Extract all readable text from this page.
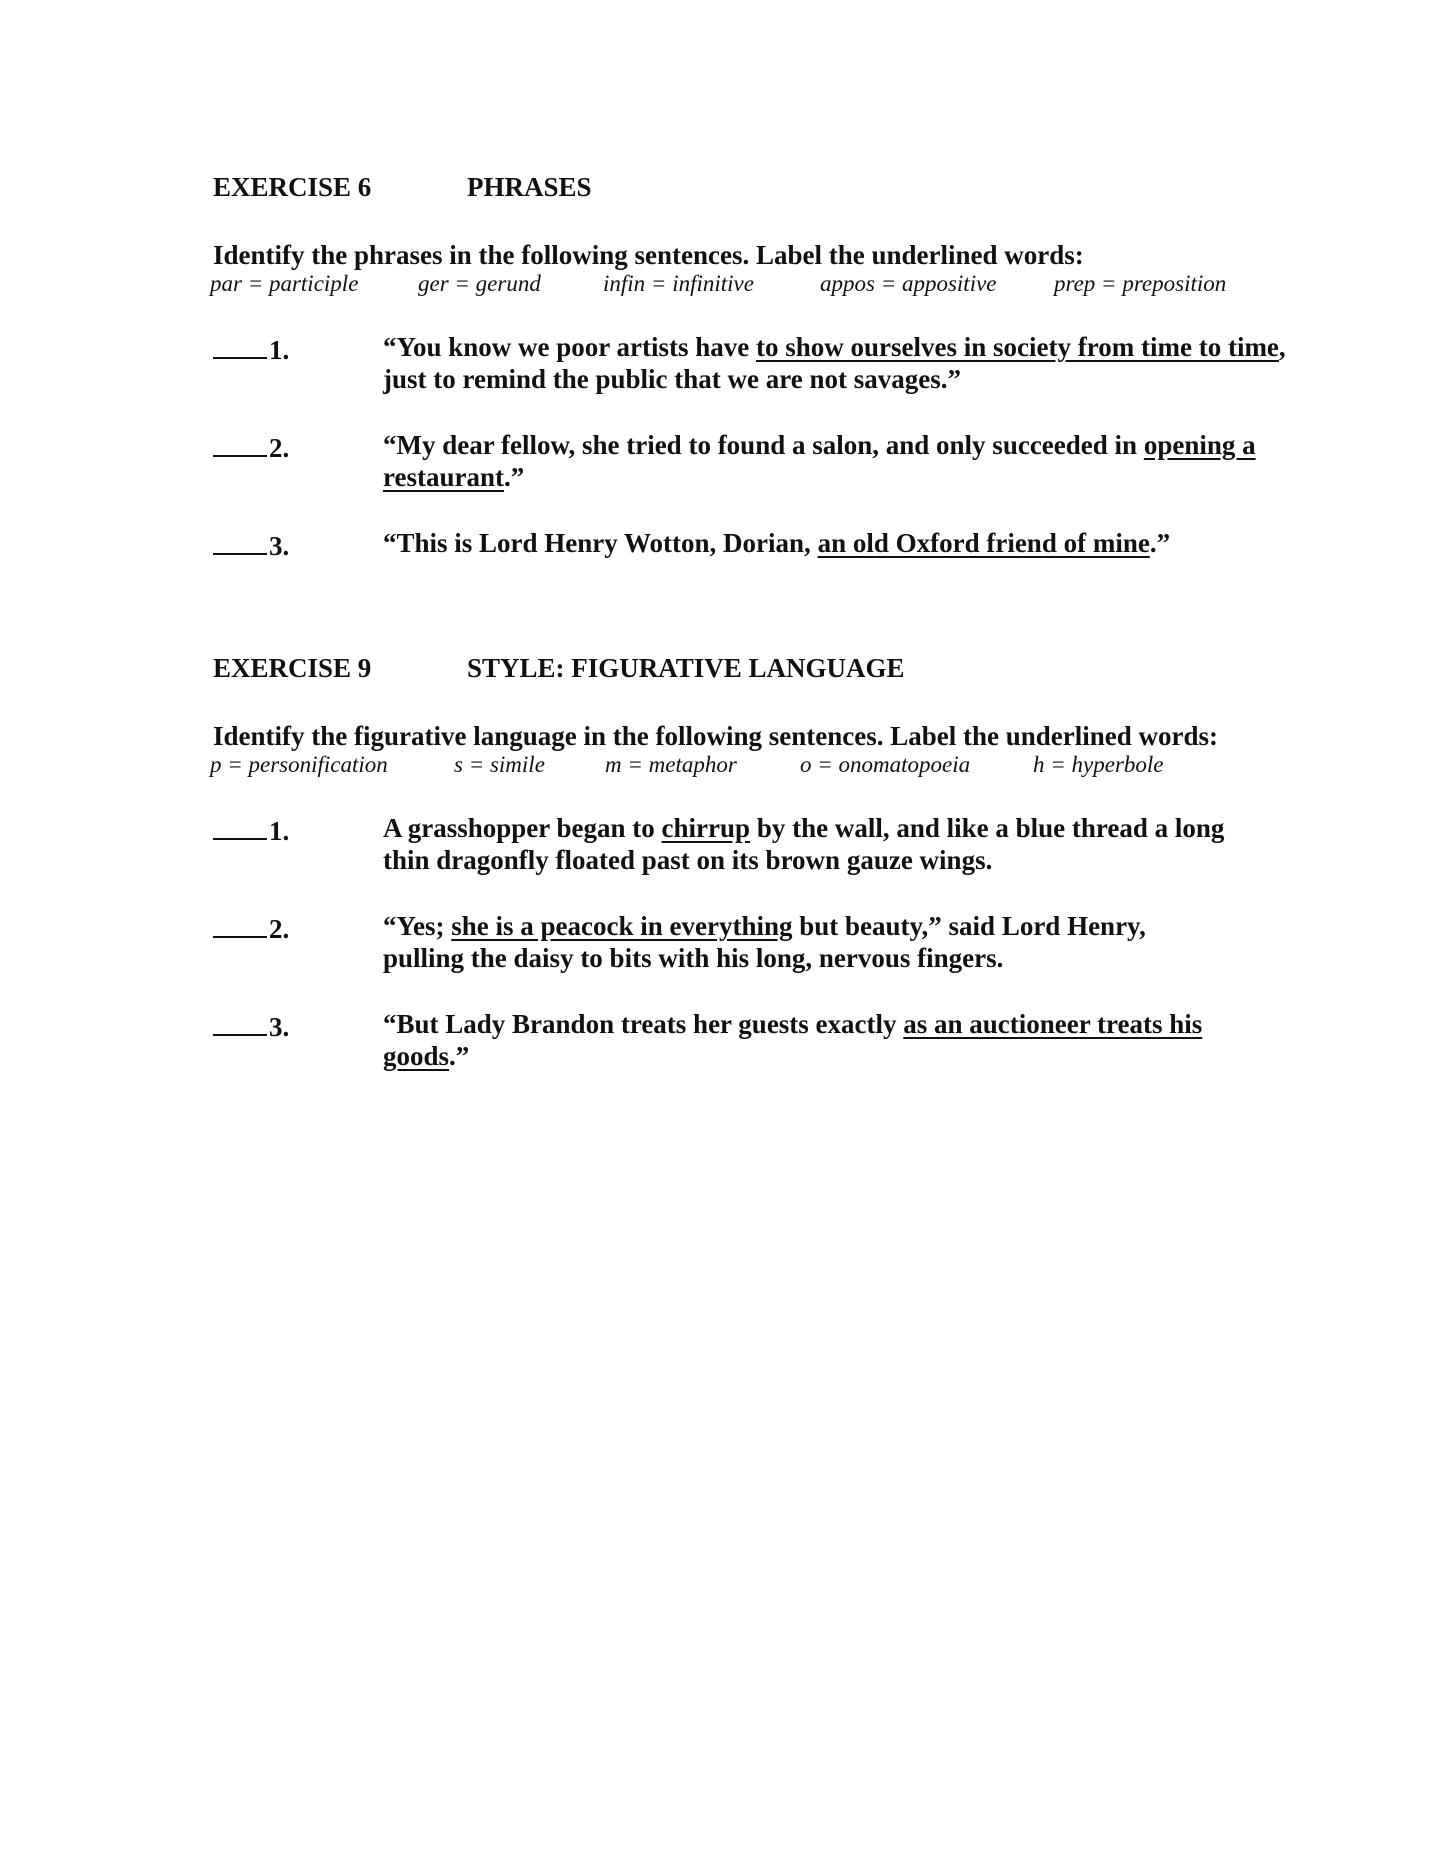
EXERCISE 6	PHRASES
Identify the phrases in the following sentences. Label the underlined words:
par = participle	ger = gerund	infin = infinitive	appos = appositive prep = preposition
1.	“You know we poor artists have to show ourselves in society from time to time, just to remind the public that we are not savages.”
2.	“My dear fellow, she tried to found a salon, and only succeeded in opening a restaurant.”
3.	“This is Lord Henry Wotton, Dorian, an old Oxford friend of mine.”
EXERCISE 9	STYLE: FIGURATIVE LANGUAGE
Identify the figurative language in the following sentences. Label the underlined words:
p = personification	s = simile	m = metaphor	o = onomatopoeia	h = hyperbole
1.	A grasshopper began to chirrup by the wall, and like a blue thread a long thin dragonfly floated past on its brown gauze wings.
2.	“Yes; she is a peacock in everything but beauty,” said Lord Henry, pulling the daisy to bits with his long, nervous fingers.
3.	“But Lady Brandon treats her guests exactly as an auctioneer treats his goods.”
